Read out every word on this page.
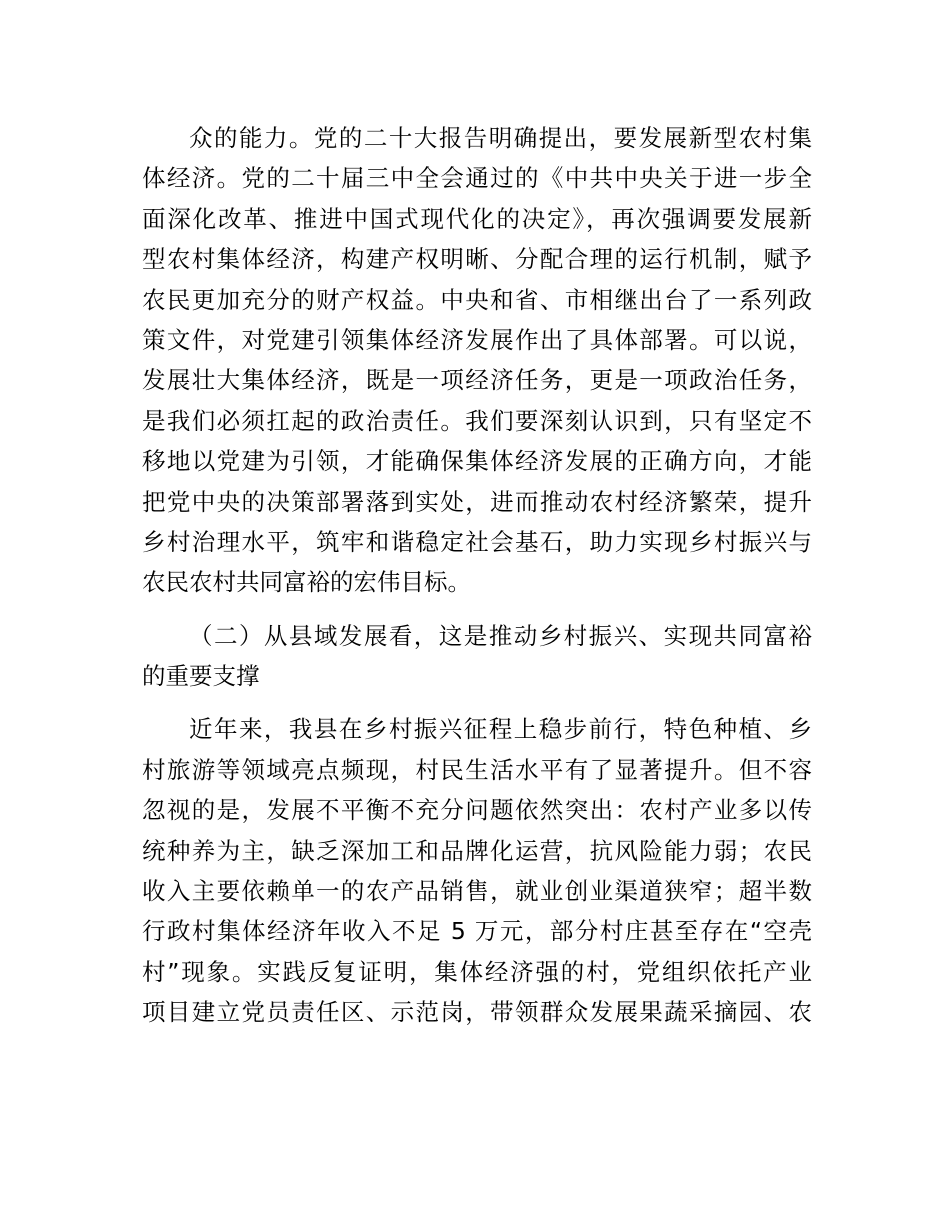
众的能力。党的二十大报告明确提出，要发展新型农村集
体经济。党的二十届三中全会通过的《中共中央关于进一步全
面深化改革、推进中国式现代化的决定》，再次强调要发展新
型农村集体经济，构建产权明晰、分配合理的运行机制，赋予
农民更加充分的财产权益。中央和省、市相继出台了一系列政
策文件，对党建引领集体经济发展作出了具体部署。可以说，
发展壮大集体经济，既是一项经济任务，更是一项政治任务，
是我们必须扛起的政治责任。我们要深刻认识到，只有坚定不
移地以党建为引领，才能确保集体经济发展的正确方向，才能
把党中央的决策部署落到实处，进而推动农村经济繁荣，提升
乡村治理水平，筑牢和谐稳定社会基石，助力实现乡村振兴与
农民农村共同富裕的宏伟目标。
（二）从县域发展看，这是推动乡村振兴、实现共同富裕
的重要支撑
近年来，我县在乡村振兴征程上稳步前行，特色种植、乡
村旅游等领域亮点频现，村民生活水平有了显著提升。但不容
忽视的是，发展不平衡不充分问题依然突出：农村产业多以传
统种养为主，缺乏深加工和品牌化运营，抗风险能力弱；农民
收入主要依赖单一的农产品销售，就业创业渠道狭窄；超半数
行政村集体经济年收入不足 5 万元，部分村庄甚至存在“空壳
村”现象。实践反复证明，集体经济强的村，党组织依托产业
项目建立党员责任区、示范岗，带领群众发展果蔬采摘园、农
